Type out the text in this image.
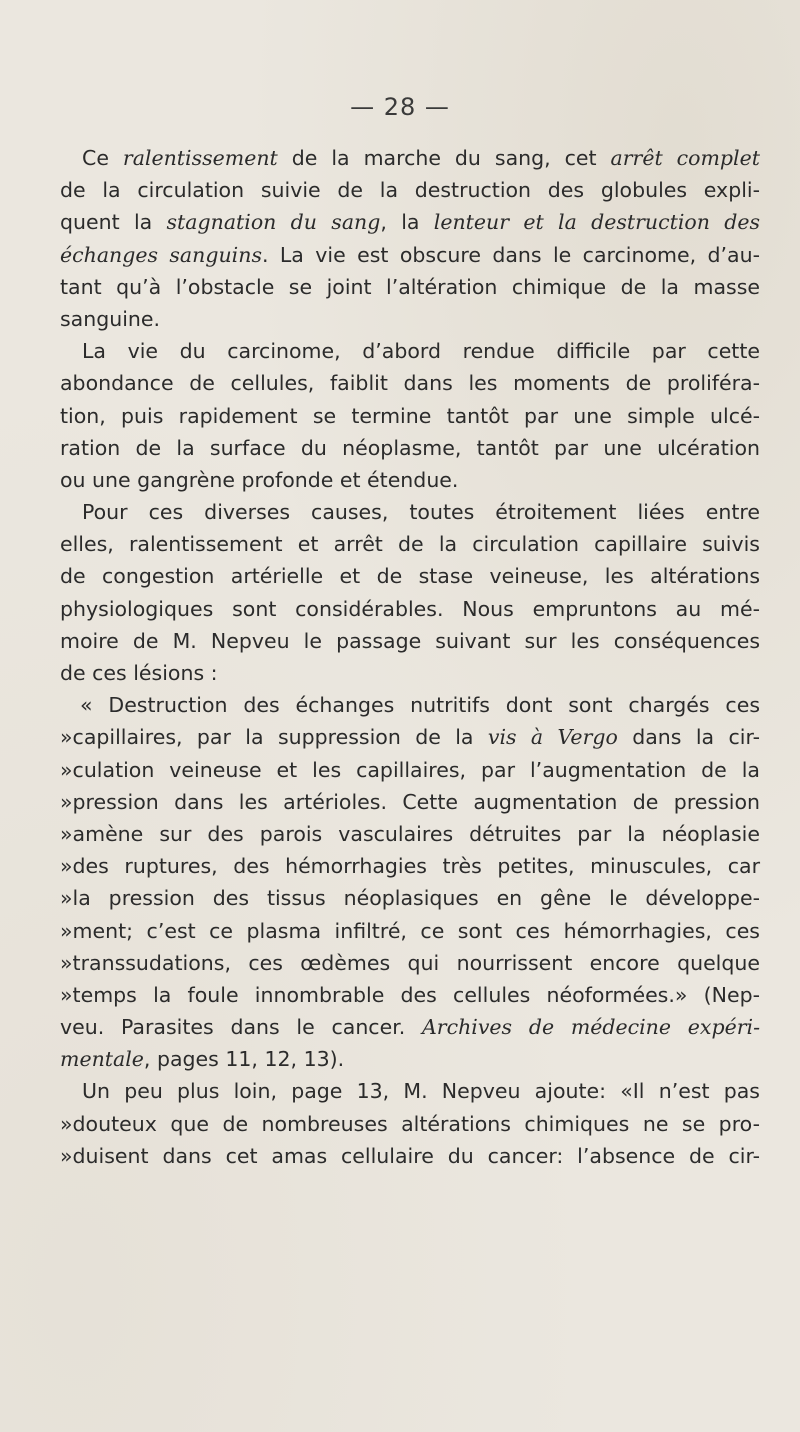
— 28 —
Ce ralentissement de la marche du sang, cet arrêt complet
de la circulation suivie de la destruction des globules expli-
quent la stagnation du sang, la lenteur et la destruction des
échanges sanguins. La vie est obscure dans le carcinome, d’au-
tant qu’à l’obstacle se joint l’altération chimique de la masse
sanguine.
La vie du carcinome, d’abord rendue difficile par cette
abondance de cellules, faiblit dans les moments de proliféra-
tion, puis rapidement se termine tantôt par une simple ulcé-
ration de la surface du néoplasme, tantôt par une ulcération
ou une gangrène profonde et étendue.
Pour ces diverses causes, toutes étroitement liées entre
elles, ralentissement et arrêt de la circulation capillaire suivis
de congestion artérielle et de stase veineuse, les altérations
physiologiques sont considérables. Nous empruntons au mé-
moire de M. Nepveu le passage suivant sur les conséquences
de ces lésions :
« Destruction des échanges nutritifs dont sont chargés ces
»capillaires, par la suppression de la vis à Vergo dans la cir-
»culation veineuse et les capillaires, par l’augmentation de la
»pression dans les artérioles. Cette augmentation de pression
»amène sur des parois vasculaires détruites par la néoplasie
»des ruptures, des hémorrhagies très petites, minuscules, car
»la pression des tissus néoplasiques en gêne le développe-
»ment; c’est ce plasma infiltré, ce sont ces hémorrhagies, ces
»transsudations, ces œdèmes qui nourrissent encore quelque
»temps la foule innombrable des cellules néoformées.» (Nep-
veu. Parasites dans le cancer. Archives de médecine expéri-
mentale, pages 11, 12, 13).
Un peu plus loin, page 13, M. Nepveu ajoute: «Il n’est pas
»douteux que de nombreuses altérations chimiques ne se pro-
»duisent dans cet amas cellulaire du cancer: l’absence de cir-
